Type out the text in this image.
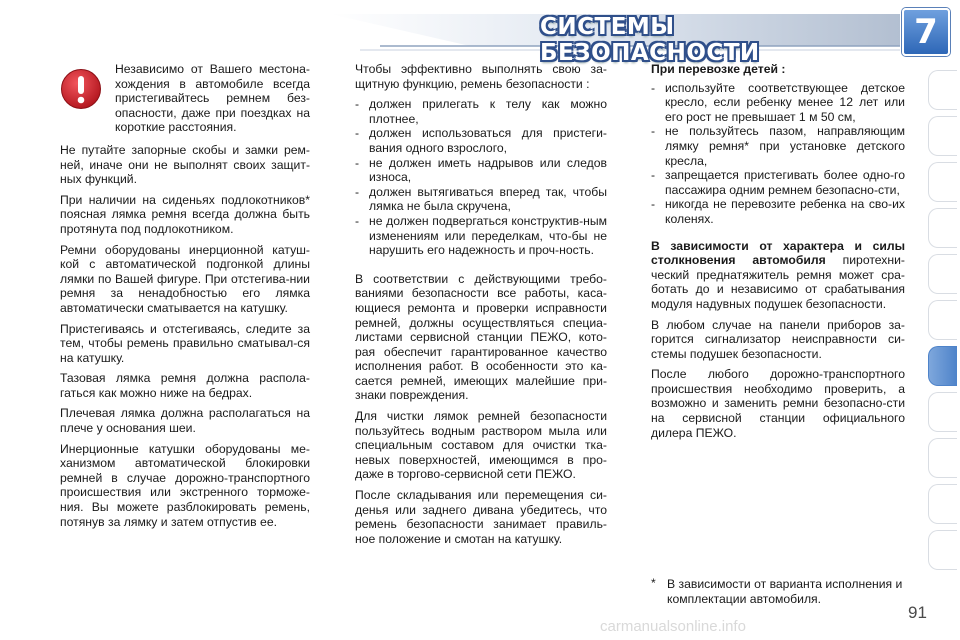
СИСТЕМЫ БЕЗОПАСНОСТИ
7

Независимо от Вашего местона-хождения в автомобиле всегда пристегивайтесь ремнем без-опасности, даже при поездках на короткие расстояния.

Не путайте запорные скобы и замки рем-ней, иначе они не выполнят своих защит-ных функций.

При наличии на сиденьях подлокотников* поясная лямка ремня всегда должна быть протянута под подлокотником.

Ремни оборудованы инерционной катуш-кой с автоматической подгонкой длины лямки по Вашей фигуре. При отстегива-нии ремня за ненадобностью его лямка автоматически сматывается на катушку.

Пристегиваясь и отстегиваясь, следите за тем, чтобы ремень правильно сматывал-ся на катушку.

Тазовая лямка ремня должна распола-гаться как можно ниже на бедрах.

Плечевая лямка должна располагаться на плече у основания шеи.

Инерционные катушки оборудованы ме-ханизмом автоматической блокировки ремней в случае дорожно-транспортного происшествия или экстренного торможе-ния. Вы можете разблокировать ремень, потянув за лямку и затем отпустив ее.

Чтобы эффективно выполнять свою за-щитную функцию, ремень безопасности :

- должен прилегать к телу как можно плотнее,
- должен использоваться для пристеги-вания одного взрослого,
- не должен иметь надрывов или следов износа,
- должен вытягиваться вперед так, чтобы лямка не была скручена,
- не должен подвергаться конструктив-ным изменениям или переделкам, что-бы не нарушить его надежность и проч-ность.

В соответствии с действующими требо-ваниями безопасности все работы, каса-ющиеся ремонта и проверки исправности ремней, должны осуществляться специа-листами сервисной станции ПЕЖО, кото-рая обеспечит гарантированное качество исполнения работ. В особенности это ка-сается ремней, имеющих малейшие при-знаки повреждения.

Для чистки лямок ремней безопасности пользуйтесь водным раствором мыла или специальным составом для очистки тка-невых поверхностей, имеющимся в про-даже в торгово-сервисной сети ПЕЖО.

После складывания или перемещения си-денья или заднего дивана убедитесь, что ремень безопасности занимает правиль-ное положение и смотан на катушку.

При перевозке детей :

- используйте соответствующее детское кресло, если ребенку менее 12 лет или его рост не превышает 1 м 50 см,
- не пользуйтесь пазом, направляющим лямку ремня* при установке детского кресла,
- запрещается пристегивать более одно-го пассажира одним ремнем безопасно-сти,
- никогда не перевозите ребенка на сво-их коленях.

В зависимости от характера и силы столкновения автомобиля пиротехни-ческий преднатяжитель ремня может сра-ботать до и независимо от срабатывания модуля надувных подушек безопасности.

В любом случае на панели приборов за-горится сигнализатор неисправности си-стемы подушек безопасности.

После любого дорожно-транспортного происшествия необходимо проверить, а возможно и заменить ремни безопасно-сти на сервисной станции официального дилера ПЕЖО.

* В зависимости от варианта исполнения и комплектации автомобиля.
carmanualsonline.info
91
